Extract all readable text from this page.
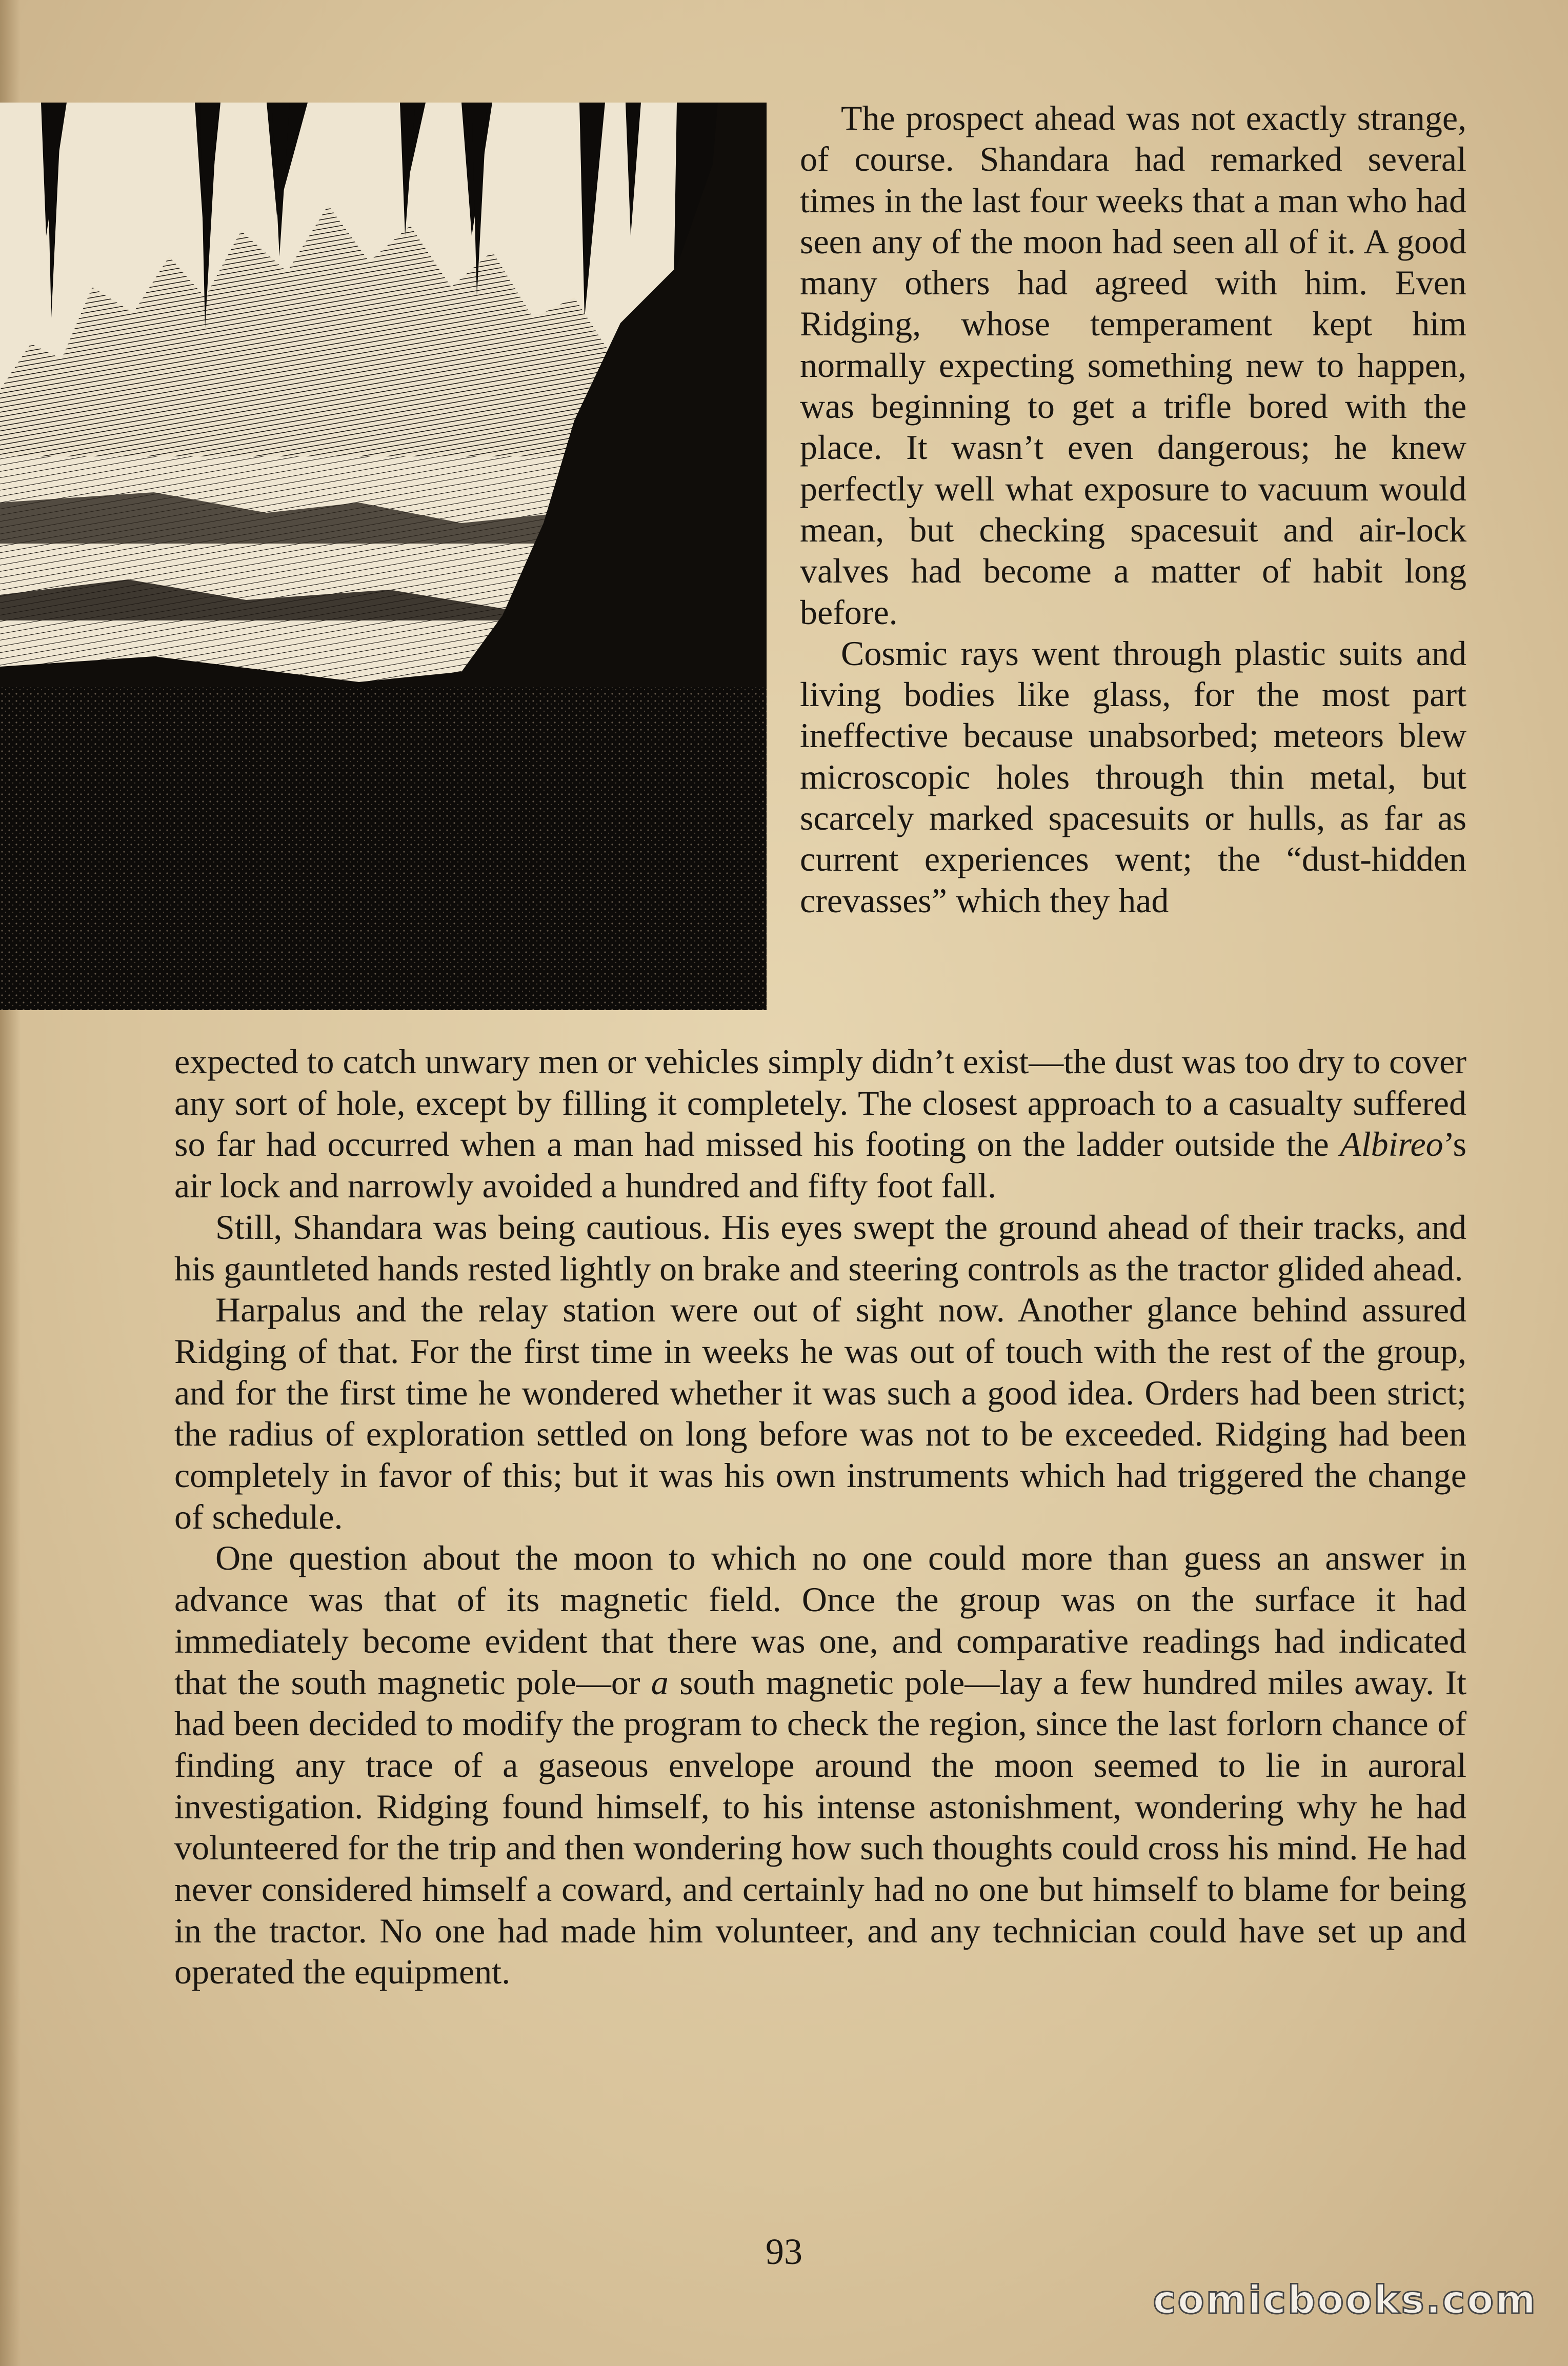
The prospect ahead was not exactly strange, of course. Shandara had remarked several times in the last four weeks that a man who had seen any of the moon had seen all of it. A good many others had agreed with him. Even Ridging, whose temperament kept him normally expecting something new to happen, was beginning to get a trifle bored with the place. It wasn’t even dangerous; he knew perfectly well what exposure to vacuum would mean, but checking spacesuit and air-lock valves had become a matter of habit long before.

Cosmic rays went through plastic suits and living bodies like glass, for the most part ineffective because unabsorbed; meteors blew microscopic holes through thin metal, but scarcely marked spacesuits or hulls, as far as current experiences went; the “dust-hidden crevasses” which they had

expected to catch unwary men or vehicles simply didn’t exist—the dust was too dry to cover any sort of hole, except by filling it completely. The closest approach to a casualty suffered so far had occurred when a man had missed his footing on the ladder outside the Albireo’s air lock and narrowly avoided a hundred and fifty foot fall.

Still, Shandara was being cautious. His eyes swept the ground ahead of their tracks, and his gauntleted hands rested lightly on brake and steering controls as the tractor glided ahead.

Harpalus and the relay station were out of sight now. Another glance behind assured Ridging of that. For the first time in weeks he was out of touch with the rest of the group, and for the first time he wondered whether it was such a good idea. Orders had been strict; the radius of exploration settled on long before was not to be exceeded. Ridging had been completely in favor of this; but it was his own instruments which had triggered the change of schedule.

One question about the moon to which no one could more than guess an answer in advance was that of its magnetic field. Once the group was on the surface it had immediately become evident that there was one, and comparative readings had indicated that the south magnetic pole—or a south magnetic pole—lay a few hundred miles away. It had been decided to modify the program to check the region, since the last forlorn chance of finding any trace of a gaseous envelope around the moon seemed to lie in auroral investigation. Ridging found himself, to his intense astonishment, wondering why he had volunteered for the trip and then wondering how such thoughts could cross his mind. He had never considered himself a coward, and certainly had no one but himself to blame for being in the tractor. No one had made him volunteer, and any technician could have set up and operated the equipment.

93
comicbooks.com
